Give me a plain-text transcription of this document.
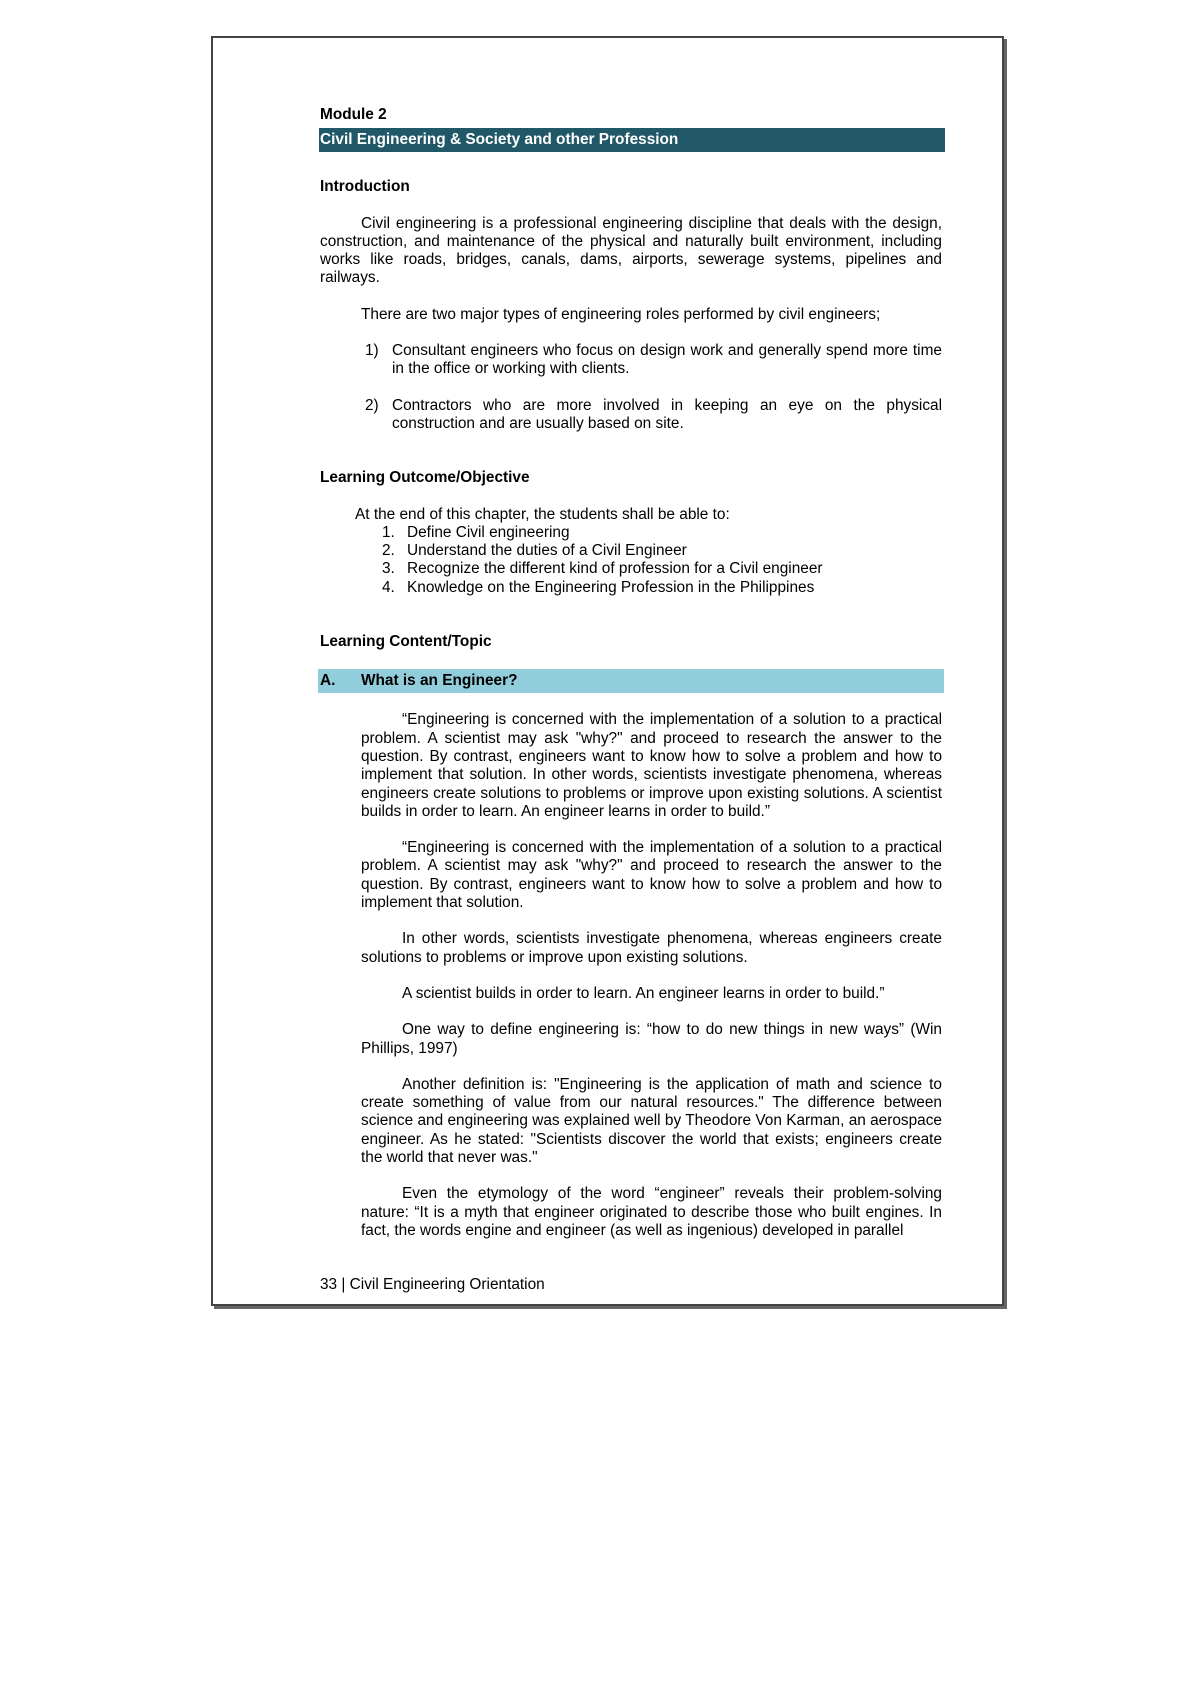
Module 2
Civil Engineering & Society and other Profession
Introduction

Civil engineering is a professional engineering discipline that deals with the design, construction, and maintenance of the physical and naturally built environment, including works like roads, bridges, canals, dams, airports, sewerage systems, pipelines and railways.

There are two major types of engineering roles performed by civil engineers;

1) Consultant engineers who focus on design work and generally spend more time in the office or working with clients.
2) Contractors who are more involved in keeping an eye on the physical construction and are usually based on site.
Learning Outcome/Objective

At the end of this chapter, the students shall be able to:

1. Define Civil engineering
2. Understand the duties of a Civil Engineer
3. Recognize the different kind of profession for a Civil engineer
4. Knowledge on the Engineering Profession in the Philippines
Learning Content/Topic
A.	What is an Engineer?

“Engineering is concerned with the implementation of a solution to a practical problem. A scientist may ask "why?" and proceed to research the answer to the question. By contrast, engineers want to know how to solve a problem and how to implement that solution. In other words, scientists investigate phenomena, whereas engineers create solutions to problems or improve upon existing solutions. A scientist builds in order to learn. An engineer learns in order to build.”

“Engineering is concerned with the implementation of a solution to a practical problem. A scientist may ask "why?" and proceed to research the answer to the question. By contrast, engineers want to know how to solve a problem and how to implement that solution.

In other words, scientists investigate phenomena, whereas engineers create solutions to problems or improve upon existing solutions.

A scientist builds in order to learn. An engineer learns in order to build.”

One way to define engineering is: “how to do new things in new ways” (Win Phillips, 1997)

Another definition is: "Engineering is the application of math and science to create something of value from our natural resources." The difference between science and engineering was explained well by Theodore Von Karman, an aerospace engineer. As he stated: "Scientists discover the world that exists; engineers create the world that never was."

Even the etymology of the word “engineer” reveals their problem-solving nature: “It is a myth that engineer originated to describe those who built engines. In fact, the words engine and engineer (as well as ingenious) developed in parallel

33 | Civil Engineering Orientation
